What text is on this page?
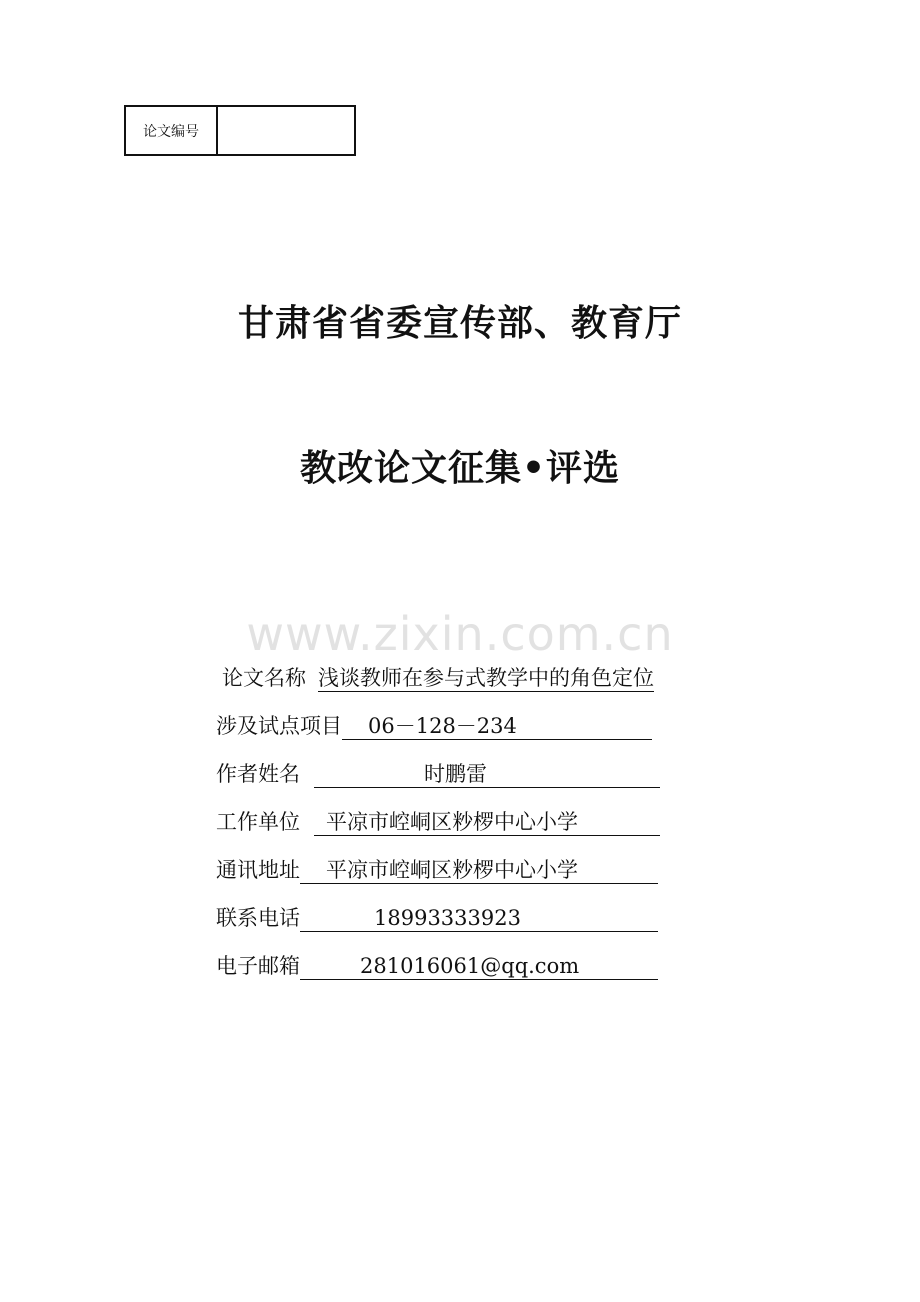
论文编号
甘肃省省委宣传部、教育厅
教改论文征集•评选
www.zixin.com.cn
论文名称 浅谈教师在参与式教学中的角色定位
涉及试点项目	06－128－234
作者姓名	时鹏雷
工作单位	平凉市崆峒区粆椤中心小学
通讯地址	平凉市崆峒区粆椤中心小学
联系电话	18993333923
电子邮箱	281016061@qq.com
